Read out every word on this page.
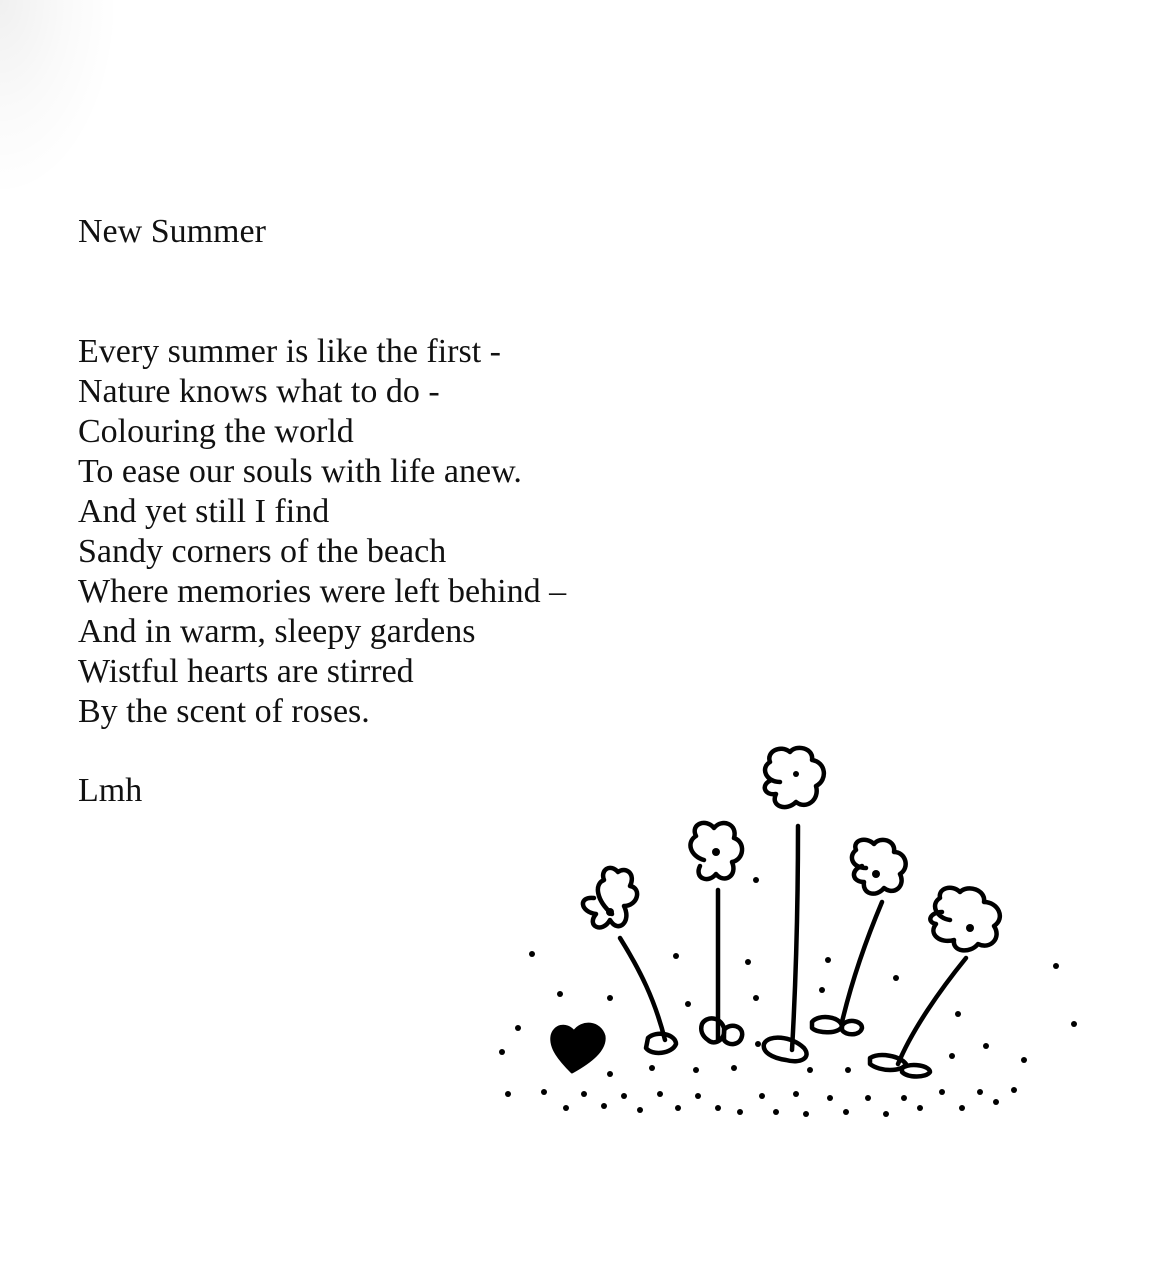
New Summer
Every summer is like the first -
Nature knows what to do -
Colouring the world
To ease our souls with life anew.
And yet still I find
Sandy corners of the beach
Where memories were left behind –
And in warm, sleepy gardens
Wistful hearts are stirred
By the scent of roses.
Lmh
